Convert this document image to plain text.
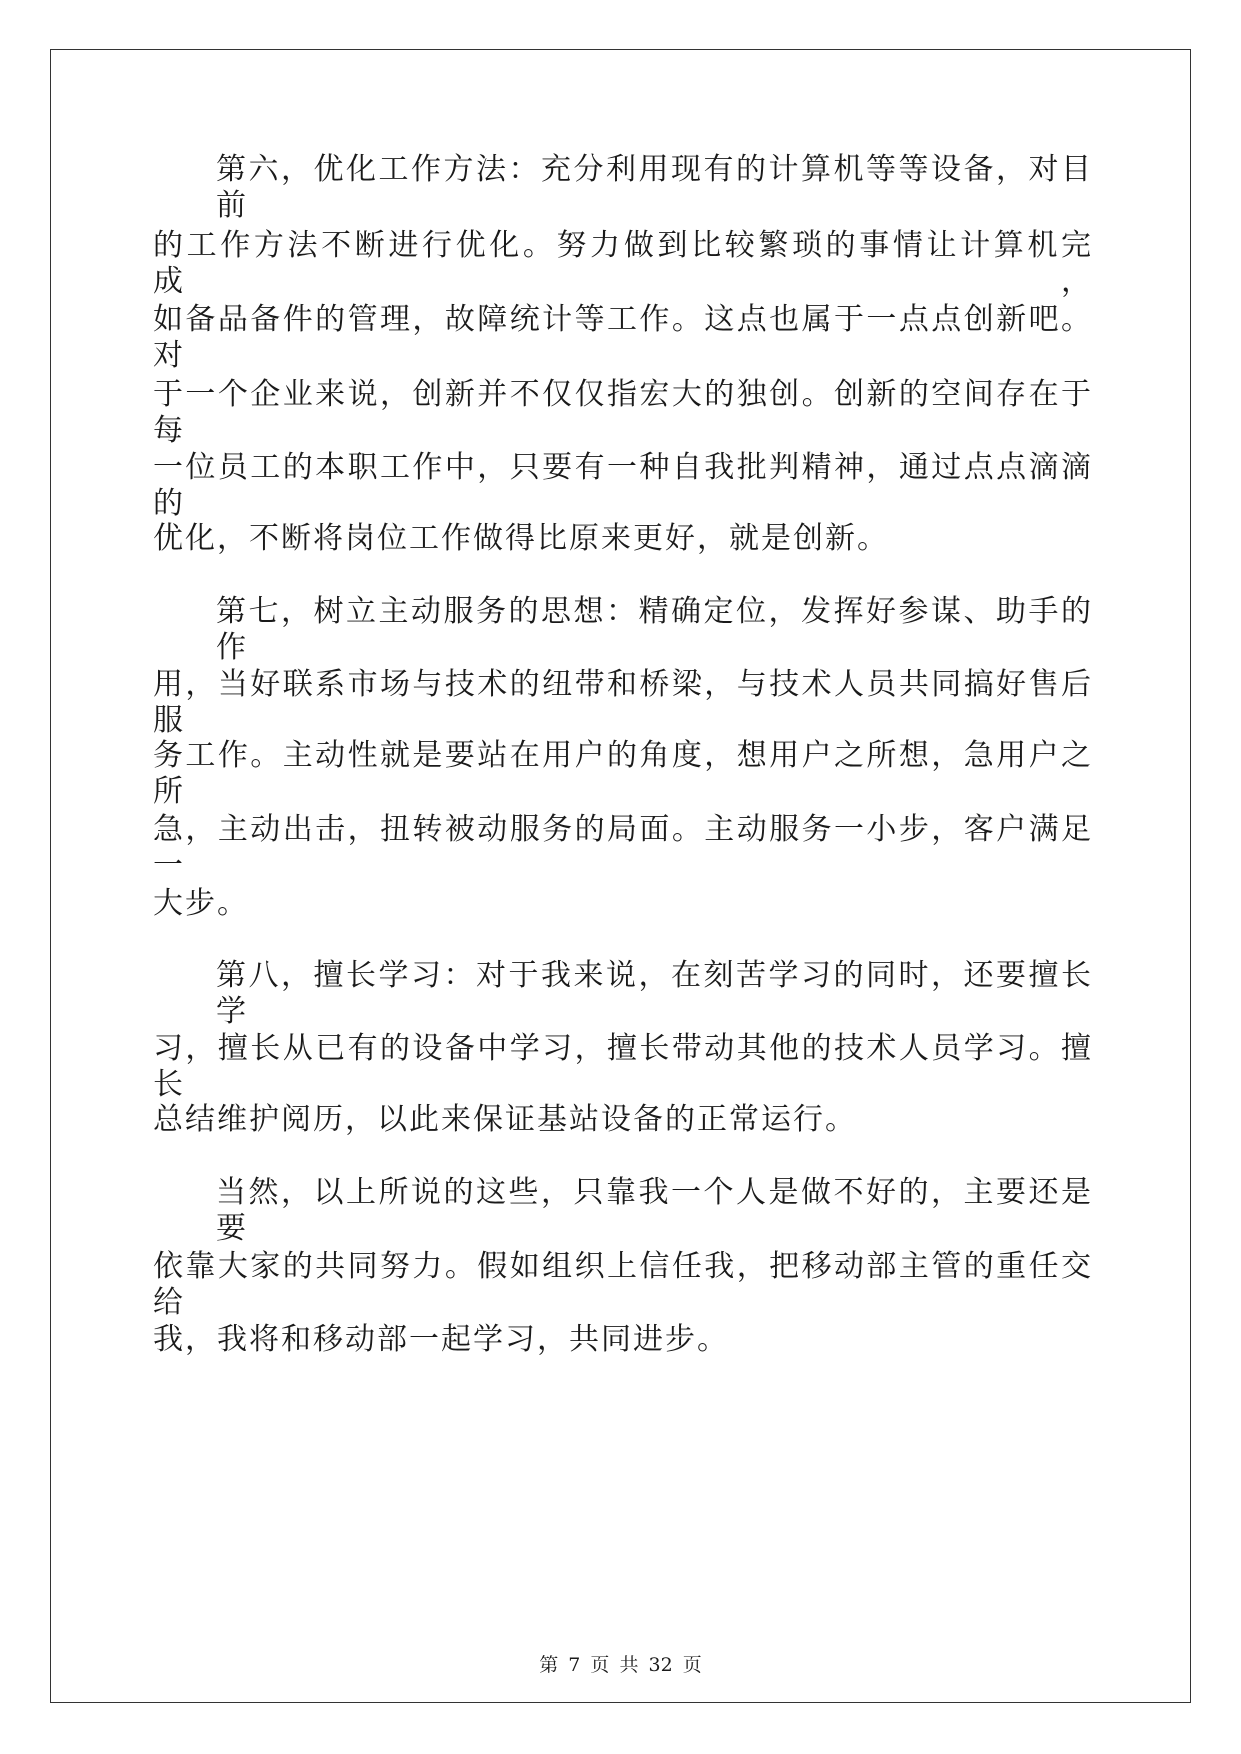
第六，优化工作方法：充分利用现有的计算机等等设备，对目前
的工作方法不断进行优化。努力做到比较繁琐的事情让计算机完成，
如备品备件的管理，故障统计等工作。这点也属于一点点创新吧。对
于一个企业来说，创新并不仅仅指宏大的独创。创新的空间存在于每
一位员工的本职工作中，只要有一种自我批判精神，通过点点滴滴的
优化，不断将岗位工作做得比原来更好，就是创新。
第七，树立主动服务的思想：精确定位，发挥好参谋、助手的作
用，当好联系市场与技术的纽带和桥梁，与技术人员共同搞好售后服
务工作。主动性就是要站在用户的角度，想用户之所想，急用户之所
急，主动出击，扭转被动服务的局面。主动服务一小步，客户满足一
大步。
第八，擅长学习：对于我来说，在刻苦学习的同时，还要擅长学
习，擅长从已有的设备中学习，擅长带动其他的技术人员学习。擅长
总结维护阅历，以此来保证基站设备的正常运行。
当然，以上所说的这些，只靠我一个人是做不好的，主要还是要
依靠大家的共同努力。假如组织上信任我，把移动部主管的重任交给
我，我将和移动部一起学习，共同进步。
第 7 页 共 32 页
